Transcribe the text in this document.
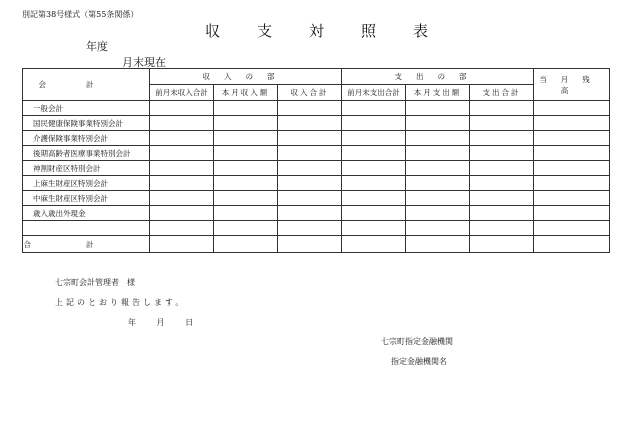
別記第38号様式（第55条関係）
収支対照表
年度
月末現在
会計	収入の部			支出の部			当月残高
	前月末収入合計	本月収入額	収入合計	前月末支出合計	本月支出額	支出合計	
一般会計							
国民健康保険事業特別会計							
介護保険事業特別会計							
後期高齢者医療事業特別会計							
神割財産区特別会計							
上麻生財産区特別会計							
中麻生財産区特別会計							
歳入歳出外現金							

合計							
七宗町会計管理者　様
上記のとおり報告します。
年	月	日
七宗町指定金融機関
指定金融機関名
